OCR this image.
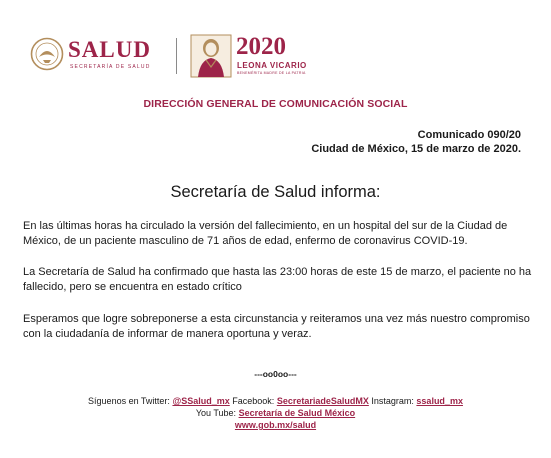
SALUD
SECRETARÍA DE SALUD
2020
LEONA VICARIO
BENEMÉRITA MADRE DE LA PATRIA
DIRECCIÓN GENERAL DE COMUNICACIÓN SOCIAL
Comunicado 090/20
Ciudad de México, 15 de marzo de 2020.
Secretaría de Salud informa:
En las últimas horas ha circulado la versión del fallecimiento, en un hospital del sur de la Ciudad de México, de un paciente masculino de 71 años de edad, enfermo de coronavirus COVID-19.
La Secretaría de Salud ha confirmado que hasta las 23:00 horas de este 15 de marzo, el paciente no ha fallecido, pero se encuentra en estado crítico
Esperamos que logre sobreponerse a esta circunstancia y reiteramos una vez más nuestro compromiso con la ciudadanía de informar de manera oportuna y veraz.
---oo0oo---
Síguenos en Twitter: @SSalud_mx Facebook: SecretariadeSaludMX Instagram: ssalud_mx
You Tube: Secretaría de Salud México
www.gob.mx/salud
